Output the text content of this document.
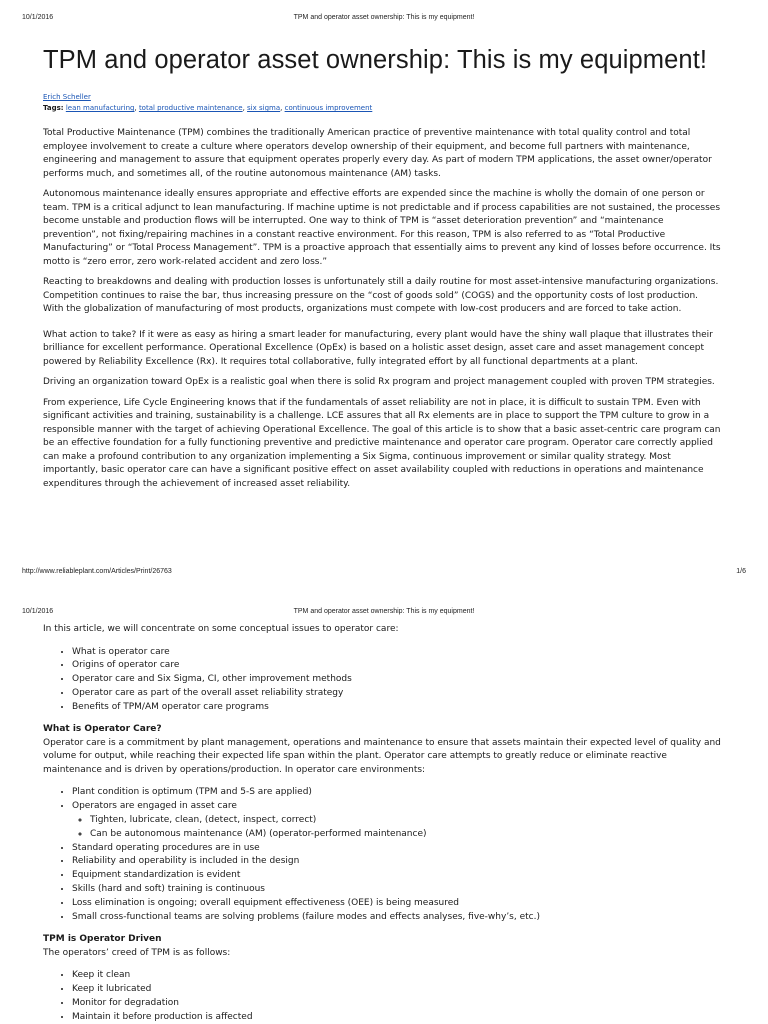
10/1/2016	TPM and operator asset ownership: This is my equipment!
TPM and operator asset ownership: This is my equipment!
Erich Scheller
Tags: lean manufacturing, total productive maintenance, six sigma, continuous improvement

Total Productive Maintenance (TPM) combines the traditionally American practice of preventive maintenance with total quality control and total employee involvement to create a culture where operators develop ownership of their equipment, and become full partners with maintenance, engineering and management to assure that equipment operates properly every day. As part of modern TPM applications, the asset owner/operator performs much, and sometimes all, of the routine autonomous maintenance (AM) tasks.

Autonomous maintenance ideally ensures appropriate and effective efforts are expended since the machine is wholly the domain of one person or team. TPM is a critical adjunct to lean manufacturing. If machine uptime is not predictable and if process capabilities are not sustained, the processes become unstable and production flows will be interrupted. One way to think of TPM is “asset deterioration prevention” and “maintenance prevention”, not fixing/repairing machines in a constant reactive environment. For this reason, TPM is also referred to as “Total Productive Manufacturing” or “Total Process Management”. TPM is a proactive approach that essentially aims to prevent any kind of losses before occurrence. Its motto is “zero error, zero work-related accident and zero loss.”

Reacting to breakdowns and dealing with production losses is unfortunately still a daily routine for most asset-intensive manufacturing organizations. Competition continues to raise the bar, thus increasing pressure on the “cost of goods sold” (COGS) and the opportunity costs of lost production. With the globalization of manufacturing of most products, organizations must compete with low-cost producers and are forced to take action.

What action to take? If it were as easy as hiring a smart leader for manufacturing, every plant would have the shiny wall plaque that illustrates their brilliance for excellent performance. Operational Excellence (OpEx) is based on a holistic asset design, asset care and asset management concept powered by Reliability Excellence (Rx). It requires total collaborative, fully integrated effort by all functional departments at a plant.

Driving an organization toward OpEx is a realistic goal when there is solid Rx program and project management coupled with proven TPM strategies.

From experience, Life Cycle Engineering knows that if the fundamentals of asset reliability are not in place, it is difficult to sustain TPM. Even with significant activities and training, sustainability is a challenge. LCE assures that all Rx elements are in place to support the TPM culture to grow in a responsible manner with the target of achieving Operational Excellence. The goal of this article is to show that a basic asset-centric care program can be an effective foundation for a fully functioning preventive and predictive maintenance and operator care program. Operator care correctly applied can make a profound contribution to any organization implementing a Six Sigma, continuous improvement or similar quality strategy. Most importantly, basic operator care can have a significant positive effect on asset availability coupled with reductions in operations and maintenance expenditures through the achievement of increased asset reliability.

http://www.reliableplant.com/Articles/Print/26763	1/6
10/1/2016	TPM and operator asset ownership: This is my equipment!

In this article, we will concentrate on some conceptual issues to operator care:

• What is operator care
• Origins of operator care
• Operator care and Six Sigma, CI, other improvement methods
• Operator care as part of the overall asset reliability strategy
• Benefits of TPM/AM operator care programs
What is Operator Care?

Operator care is a commitment by plant management, operations and maintenance to ensure that assets maintain their expected level of quality and volume for output, while reaching their expected life span within the plant. Operator care attempts to greatly reduce or eliminate reactive maintenance and is driven by operations/production. In operator care environments:

• Plant condition is optimum (TPM and 5-S are applied)
• Operators are engaged in asset care
◦ Tighten, lubricate, clean, (detect, inspect, correct)
◦ Can be autonomous maintenance (AM) (operator-performed maintenance)
• Standard operating procedures are in use
• Reliability and operability is included in the design
• Equipment standardization is evident
• Skills (hard and soft) training is continuous
• Loss elimination is ongoing; overall equipment effectiveness (OEE) is being measured
• Small cross-functional teams are solving problems (failure modes and effects analyses, five-why’s, etc.)
TPM is Operator Driven

The operators’ creed of TPM is as follows:

• Keep it clean
• Keep it lubricated
• Monitor for degradation
• Maintain it before production is affected
